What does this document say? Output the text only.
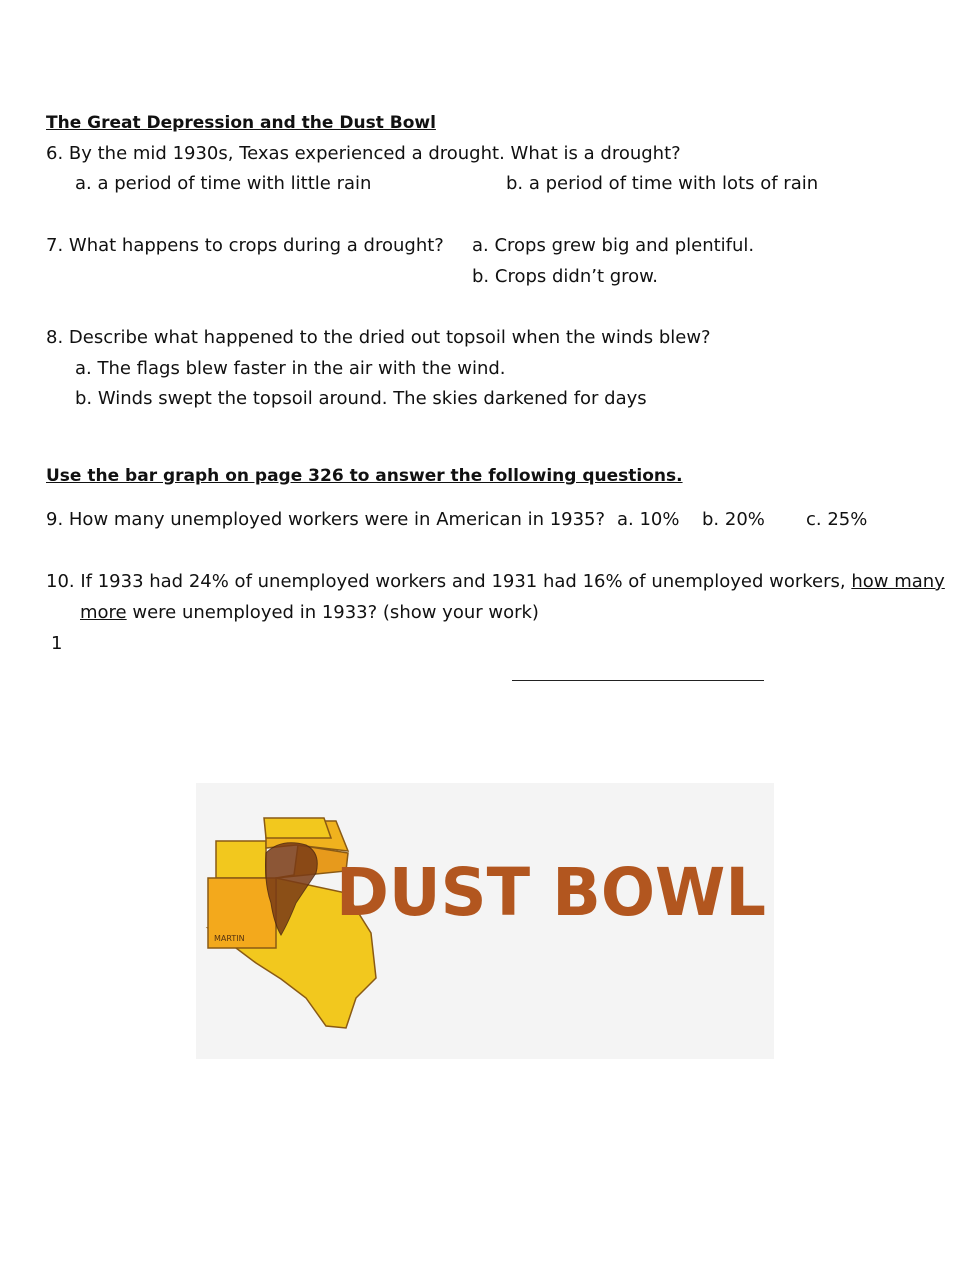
The Great Depression and the Dust Bowl
6. By the mid 1930s, Texas experienced a drought. What is a drought?
a. a period of time with little rain	b. a period of time with lots of rain
7. What happens to crops during a drought? a. Crops grew big and plentiful.
b. Crops didn’t grow.
8. Describe what happened to the dried out topsoil when the winds blew?
a. The flags blew faster in the air with the wind.
b. Winds swept the topsoil around. The skies darkened for days
Use the bar graph on page 326 to answer the following questions.
9. How many unemployed workers were in American in 1935? a. 10% b. 20% c. 25%
10. If 1933 had 24% of unemployed workers and 1931 had 16% of unemployed workers, how many
more were unemployed in 1933? (show your work)
1
MARTIN
DUST BOWL
